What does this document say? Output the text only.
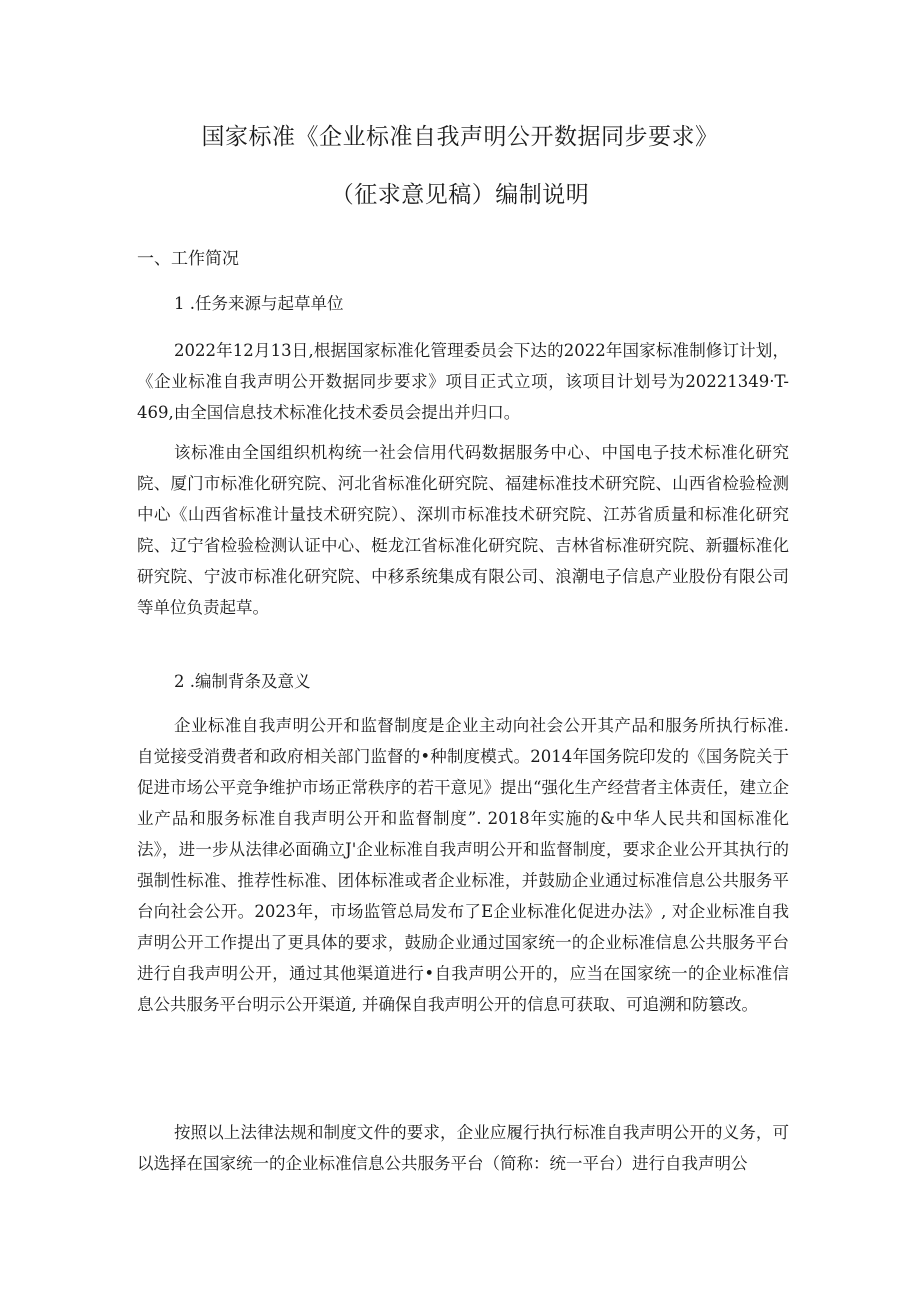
国家标准《企业标准自我声明公开数据同步要求》
（征求意见稿）编制说明
一、工作简况
1 .任务来源与起草单位
2022年12月13日,根据国家标准化管理委员会下达的2022年国家标准制修订计划，《企业标准自我声明公开数据同步要求》项目正式立项，该项目计划号为20221349·T-469,由全国信息技术标准化技术委员会提出并归口。
该标准由全国组织机构统一社会信用代码数据服务中心、中国电子技术标准化研究院、厦门市标准化研究院、河北省标准化研究院、福建标准技术研究院、山西省检验检测中心《山西省标准计量技术研究院）、深圳市标准技术研究院、江苏省质量和标准化研究院、辽宁省检验检测认证中心、梃龙江省标准化研究院、吉林省标准研究院、新疆标准化研究院、宁波市标准化研究院、中移系统集成有限公司、浪潮电子信息产业股份有限公司等单位负责起草。
2 .编制背条及意义
企业标准自我声明公开和监督制度是企业主动向社会公开其产品和服务所执行标准.自觉接受消费者和政府相关部门监督的•种制度模式。2014年国务院印发的《国务院关于促进市场公平竞争维护市场正常秩序的若干意见》提出“强化生产经营者主体责任，建立企业产品和服务标准自我声明公开和监督制度”. 2018年实施的&中华人民共和国标准化法》，进一步从法律必面确立J'企业标准自我声明公开和监督制度，要求企业公开其执行的强制性标准、推荐性标准、团体标准或者企业标准，并鼓励企业通过标准信息公共服务平台向社会公开。2023年，市场监管总局发布了E企业标准化促进办法》, 对企业标准自我声明公开工作提出了更具体的要求，鼓励企业通过国家统一的企业标准信息公共服务平台进行自我声明公开，通过其他渠道进行•自我声明公开的，应当在国家统一的企业标准信息公共服务平台明示公开渠道, 并确保自我声明公开的信息可获取、可追溯和防篡改。
按照以上法律法规和制度文件的要求，企业应履行执行标准自我声明公开的义务，可以选择在国家统一的企业标准信息公共服务平台（简称：统一平台）进行自我声明公
